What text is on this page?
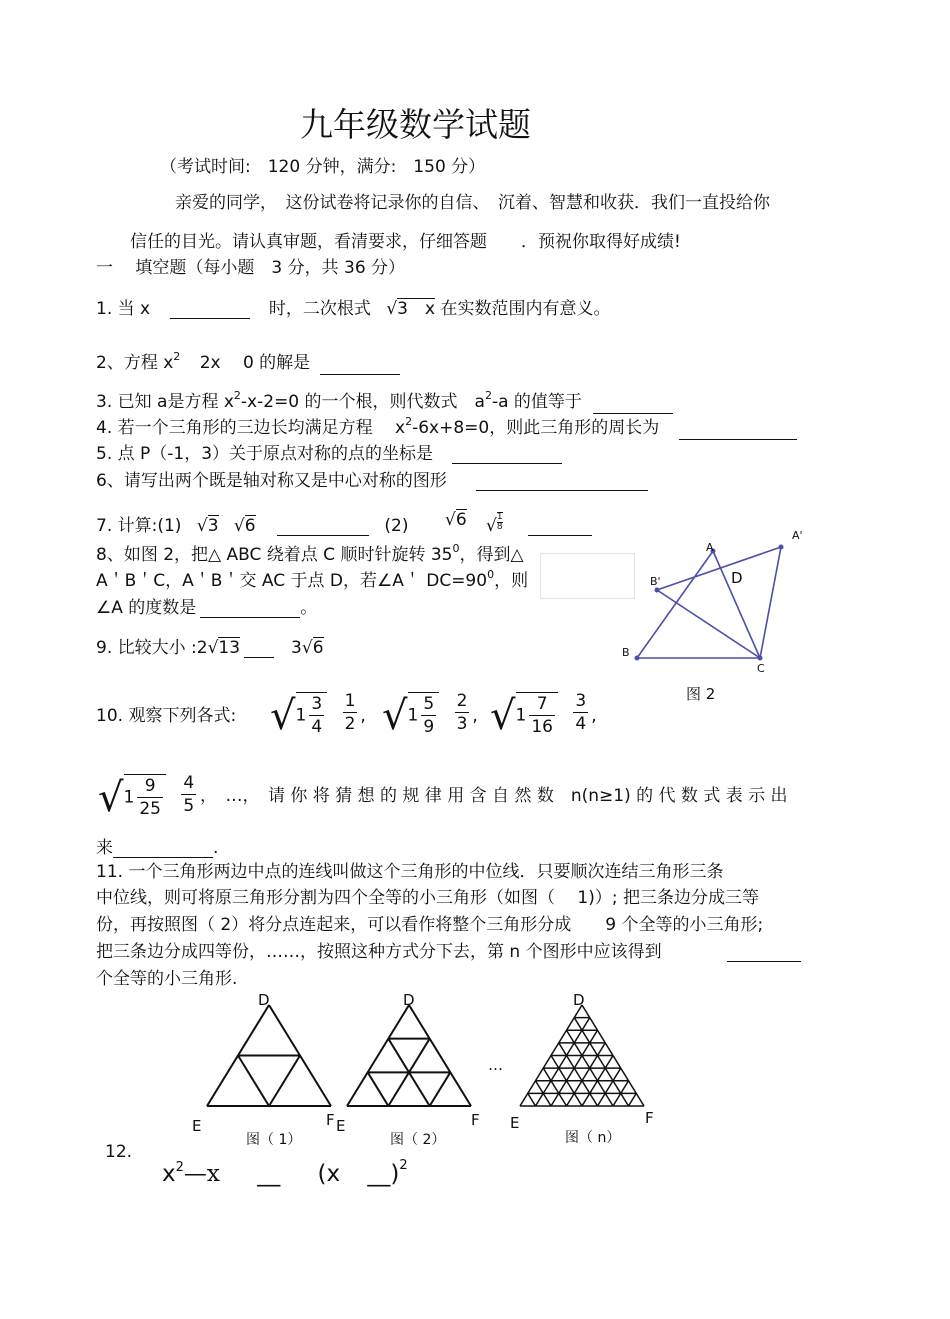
九年级数学试题
（考试时间:　120 分钟，满分:　150 分）
亲爱的同学，　这份试卷将记录你的自信、　沉着、智慧和收获．我们一直投给你
信任的目光。请认真审题，看清要求，仔细答题　　．预祝你取得好成绩!
一　 填空题（每小题　3 分，共 36 分）
1. 当 x	时，二次根式 √3　x 在实数范围内有意义。
2、方程 $x^2$ 2x　 0 的解是
3. 已知 a是方程 $x^2-x-2=0$ 的一个根，则代数式　$a^2-a$ 的值等于
4. 若一个三角形的三边长均满足方程　 $x^2-6x+8=0$，则此三角形的周长为
5. 点 P（-1，3）关于原点对称的点的坐标是
6、请写出两个既是轴对称又是中心对称的图形
7. 计算:(1) √3 √6	(2) √6 √ $\frac{1}{8}$
8、如图 2，把△ ABC 绕着点 C 顺时针旋转 $35^0$，得到△
A＇B＇C，A＇B＇交 AC 于点 D，若∠A＇ $DC=90^0$，则
∠A 的度数是	。
9. 比较大小 :2√13　3√6
A
A'
B'	D
B
C
图 2
10. 观察下列各式: $√1 \frac{3}{4}$
$\frac{1}{2}$ , $√1 \frac{5}{9}$
$\frac{2}{3}$ , $√1 \frac{7}{16}$
$\frac{3}{4}$ ,
$√1 \frac{9}{25}$
$\frac{4}{5}$ ，　…，　请 你 将 猜 想 的 规 律 用 含 自 然 数　n(n≥1) 的 代 数 式 表 示 出
来	.
11. 一个三角形两边中点的连线叫做这个三角形的中位线．只要顺次连结三角形三条
中位线，则可将原三角形分割为四个全等的小三角形（如图（　 1)）; 把三条边分成三等
份，再按照图（ 2）将分点连起来，可以看作将整个三角形分成　　9 个全等的小三角形;
把三条边分成四等份，……，按照这种方式分下去，第 n 个图形中应该得到
个全等的小三角形.
D
E	F
图（ 1）
D
E	F
图（ 2）
…
D
E	F
图（ n）
12.
$x^2—x$ __ (x __)$^2$
